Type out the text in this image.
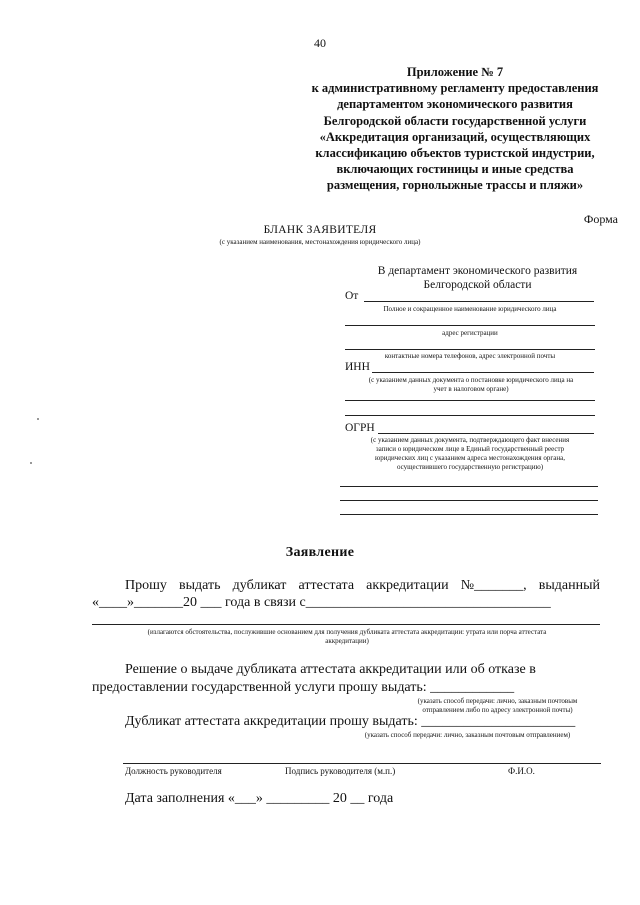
40
Приложение № 7
к административному регламенту предоставления
департаментом экономического развития
Белгородской области государственной услуги
«Аккредитация организаций, осуществляющих
классификацию объектов туристской индустрии,
включающих гостиницы и иные средства
размещения, горнолыжные трассы и пляжи»
Форма
БЛАНК ЗАЯВИТЕЛЯ
(с указанием наименования, местонахождения юридического лица)
В департамент экономического развития
Белгородской области
От
Полное и сокращенное наименование юридического лица
адрес регистрации
контактные номера телефонов, адрес электронной почты
ИНН
(с указанием данных документа о постановке юридического лица на
учет в налоговом органе)
ОГРН
(с указанием данных документа, подтверждающего факт внесения
записи о юридическом лице в Единый государственный реестр
юридических лиц с указанием адреса местонахождения органа,
осуществившего государственную регистрацию)
Заявление
Прошу выдать дубликат аттестата аккредитации №_______, выданный
«____»_______20 ___ года в связи с___________________________________
(излагаются обстоятельства, послужившие основанием для получения дубликата аттестата аккредитации: утрата или порча аттестата
аккредитации)
Решение о выдаче дубликата аттестата аккредитации или об отказе в
предоставлении государственной услуги прошу выдать: ____________
(указать способ передачи: лично, заказным почтовым
отправлением либо по адресу электронной почты)
Дубликат аттестата аккредитации прошу выдать: ______________________
(указать способ передачи: лично, заказным почтовым отправлением)
Должность руководителя	Подпись руководителя (м.п.)	Ф.И.О.
Дата заполнения «___» _________ 20 __ года
